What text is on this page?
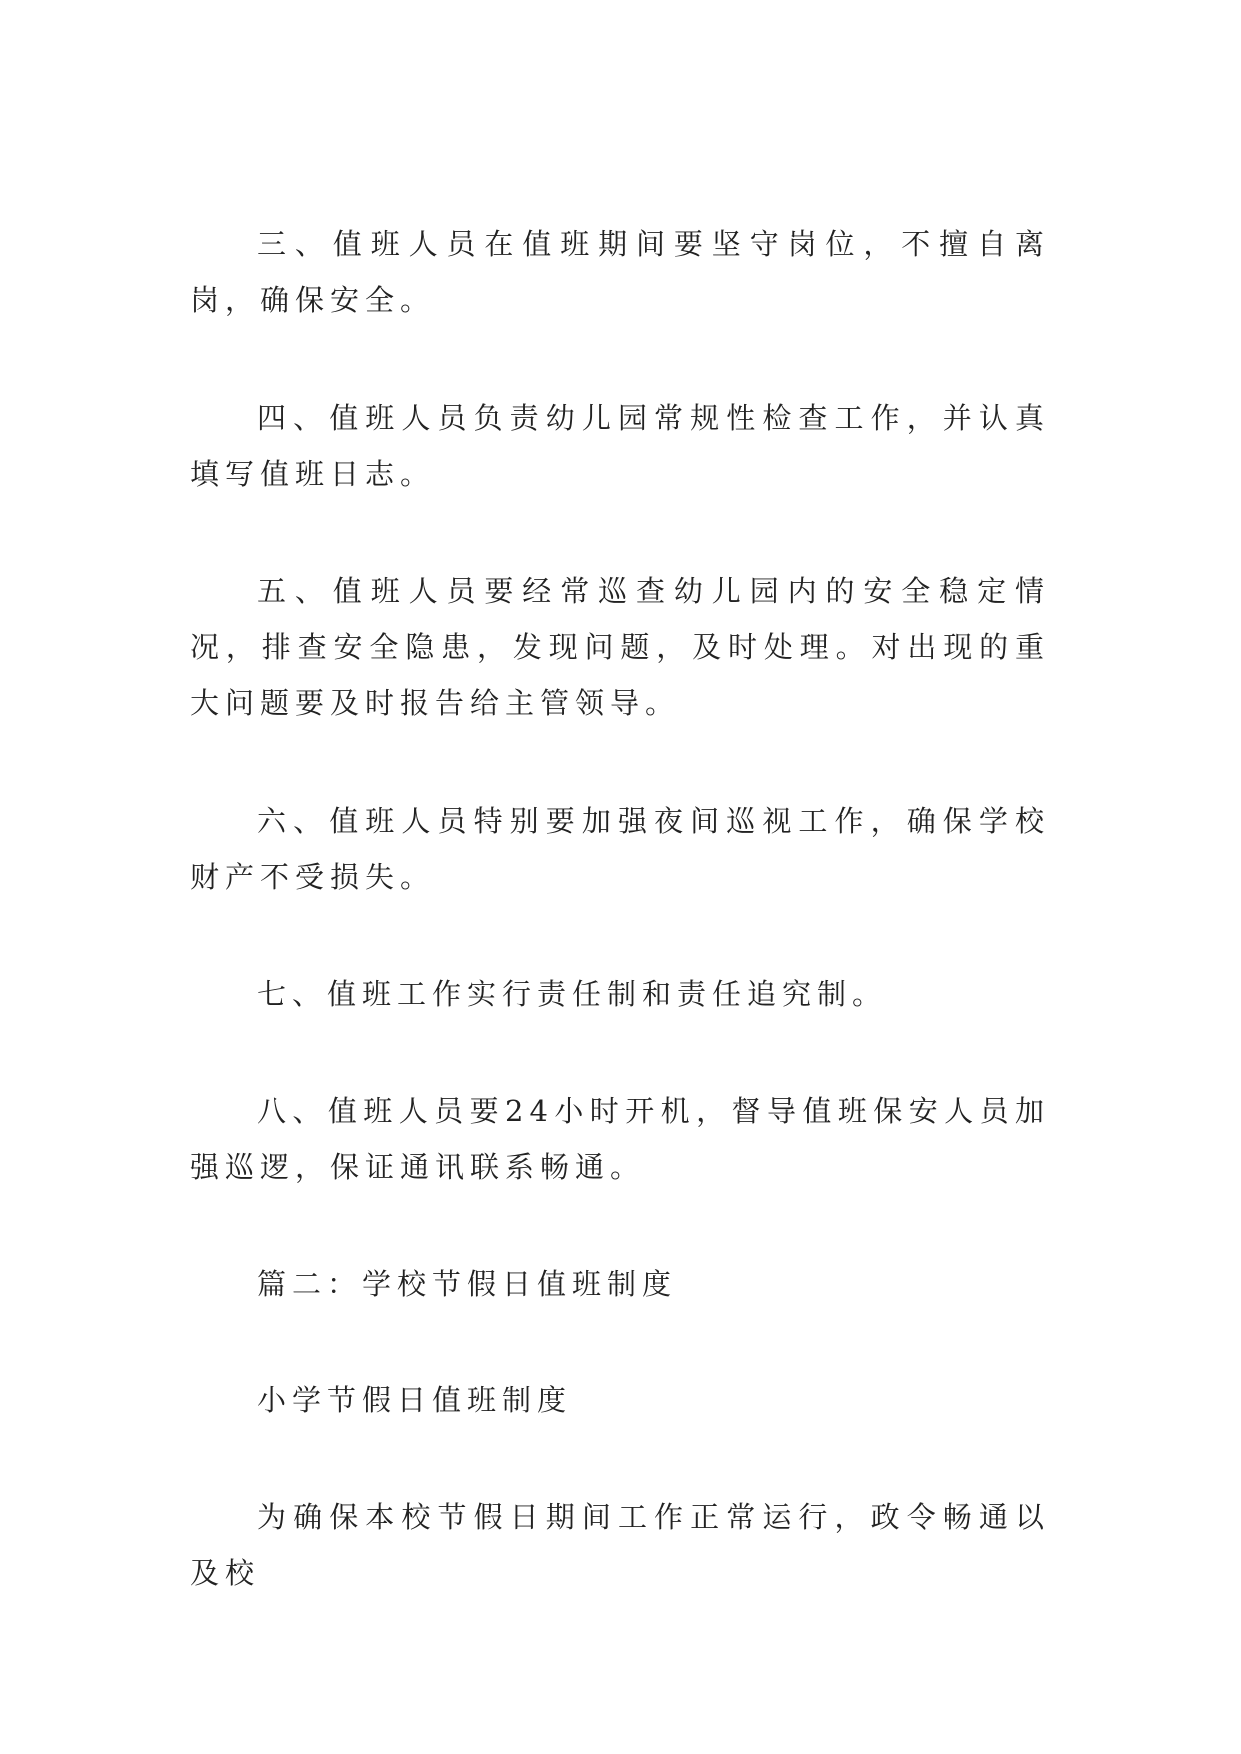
三、值班人员在值班期间要坚守岗位，不擅自离岗，确保安全。

四、值班人员负责幼儿园常规性检查工作，并认真填写值班日志。

五、值班人员要经常巡查幼儿园内的安全稳定情况，排查安全隐患，发现问题，及时处理。对出现的重大问题要及时报告给主管领导。

六、值班人员特别要加强夜间巡视工作，确保学校财产不受损失。

七、值班工作实行责任制和责任追究制。

八、值班人员要24小时开机，督导值班保安人员加强巡逻，保证通讯联系畅通。

篇二：学校节假日值班制度

小学节假日值班制度

为确保本校节假日期间工作正常运行，政令畅通以及校
